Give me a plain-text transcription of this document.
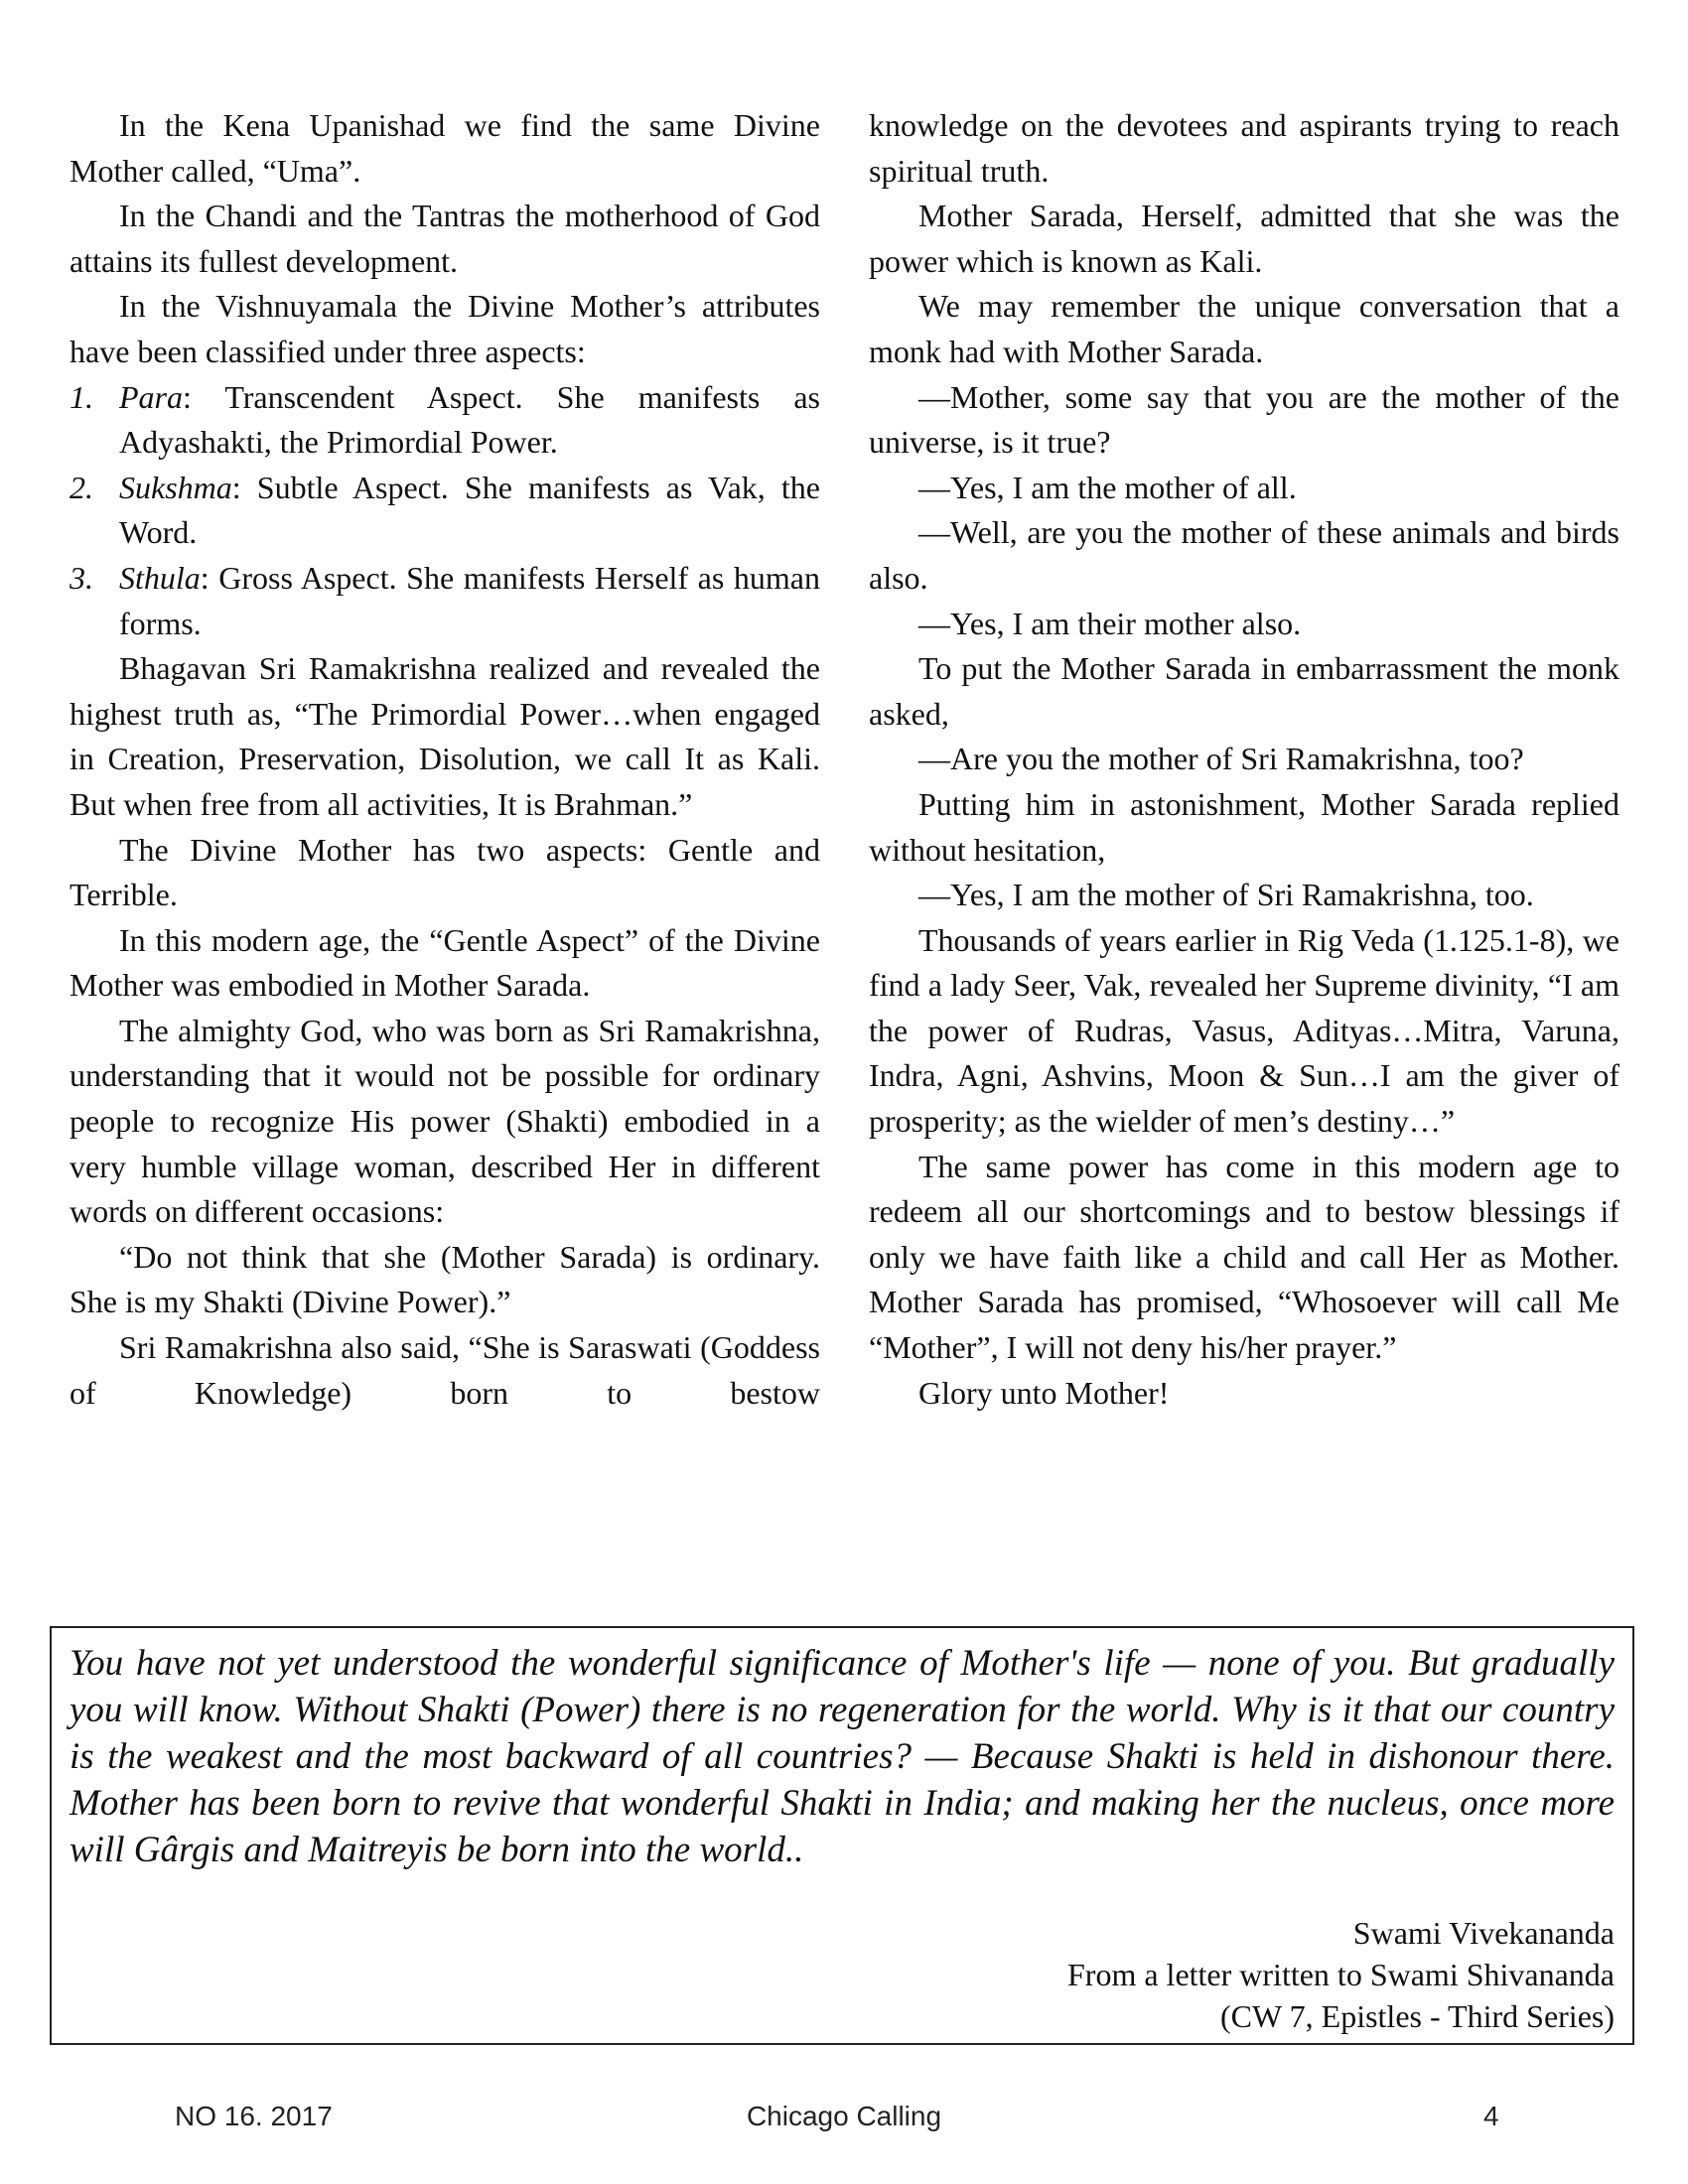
In the Kena Upanishad we find the same Divine Mother called, “Uma”.

In the Chandi and the Tantras the motherhood of God attains its fullest development.

In the Vishnuyamala the Divine Mother’s attributes have been classified under three aspects:

1. Para: Transcendent Aspect. She manifests as Adyashakti, the Primordial Power.

2. Sukshma: Subtle Aspect. She manifests as Vak, the Word.

3. Sthula: Gross Aspect. She manifests Herself as human forms.

Bhagavan Sri Ramakrishna realized and revealed the highest truth as, “The Primordial Power…when engaged in Creation, Preservation, Disolution, we call It as Kali. But when free from all activities, It is Brahman.”

The Divine Mother has two aspects: Gentle and Terrible.

In this modern age, the “Gentle Aspect” of the Divine Mother was embodied in Mother Sarada.

The almighty God, who was born as Sri Ramakrishna, understanding that it would not be possible for ordinary people to recognize His power (Shakti) embodied in a very humble village woman, described Her in different words on different occasions:

“Do not think that she (Mother Sarada) is ordinary. She is my Shakti (Divine Power).”

Sri Ramakrishna also said, “She is Saraswati (Goddess of Knowledge) born to bestow

knowledge on the devotees and aspirants trying to reach spiritual truth.

Mother Sarada, Herself, admitted that she was the power which is known as Kali.

We may remember the unique conversation that a monk had with Mother Sarada.

—Mother, some say that you are the mother of the universe, is it true?

—Yes, I am the mother of all.

—Well, are you the mother of these animals and birds also.

—Yes, I am their mother also.

To put the Mother Sarada in embarrassment the monk asked,

—Are you the mother of Sri Ramakrishna, too?

Putting him in astonishment, Mother Sarada replied without hesitation,

—Yes, I am the mother of Sri Ramakrishna, too.

Thousands of years earlier in Rig Veda (1.125.1-8), we find a lady Seer, Vak, revealed her Supreme divinity, “I am the power of Rudras, Vasus, Adityas…Mitra, Varuna, Indra, Agni, Ashvins, Moon & Sun…I am the giver of prosperity; as the wielder of men’s destiny…”

The same power has come in this modern age to redeem all our shortcomings and to bestow blessings if only we have faith like a child and call Her as Mother. Mother Sarada has promised, “Whosoever will call Me “Mother”, I will not deny his/her prayer.”

Glory unto Mother!

You have not yet understood the wonderful significance of Mother's life — none of you. But gradually you will know. Without Shakti (Power) there is no regeneration for the world. Why is it that our country is the weakest and the most backward of all countries? — Because Shakti is held in dishonour there. Mother has been born to revive that wonderful Shakti in India; and making her the nucleus, once more will Gârgis and Maitreyis be born into the world..

Swami Vivekananda
From a letter written to Swami Shivananda
(CW 7, Epistles - Third Series)
NO 16. 2017	Chicago Calling	4
